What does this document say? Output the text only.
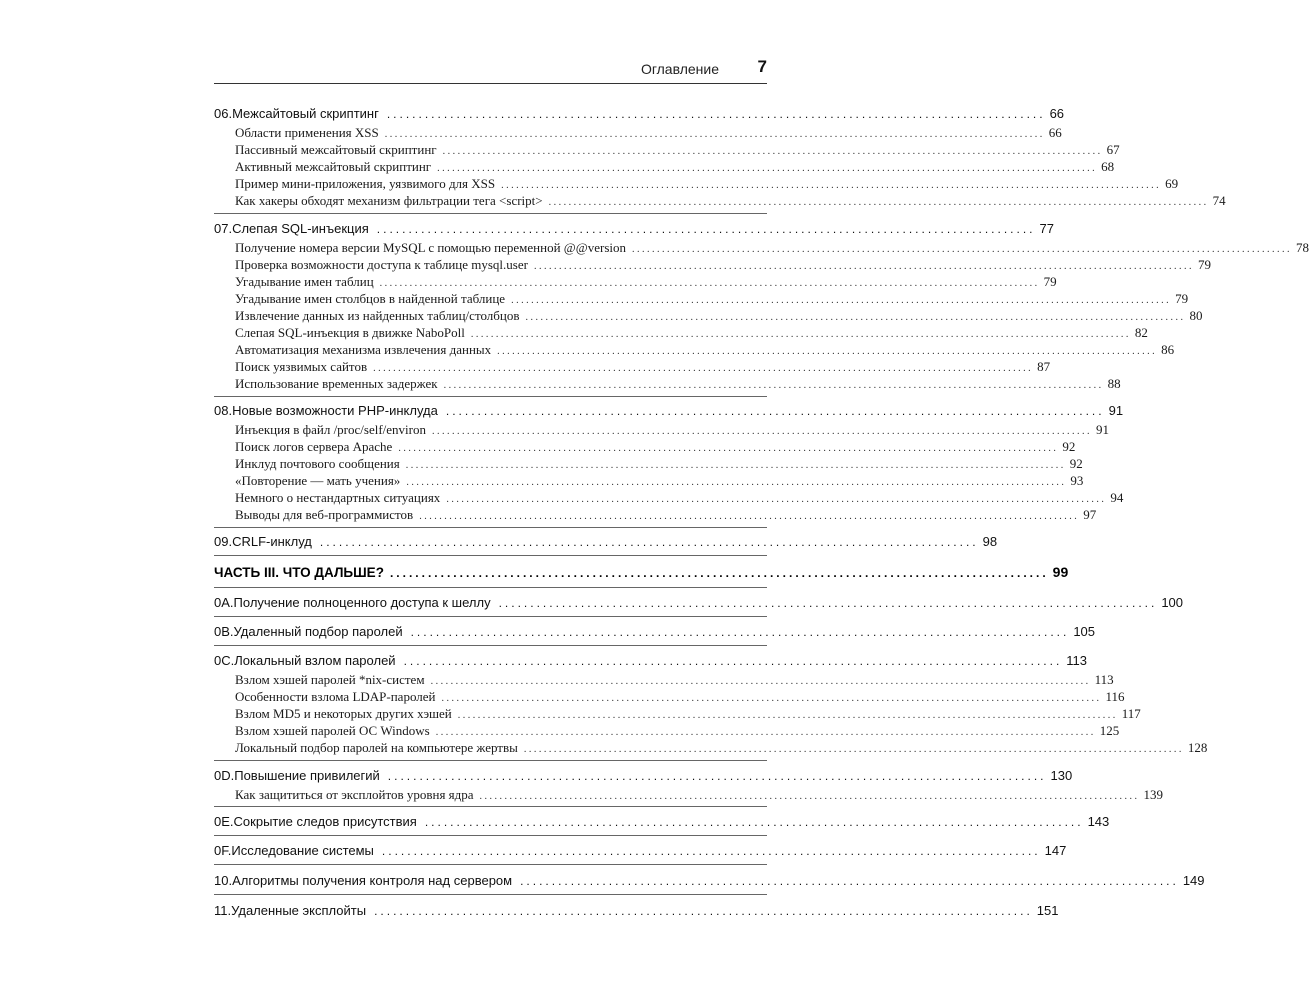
Оглавление 7
06. Межсайтовый скриптинг ........................................................................................................ 66
Области применения XSS .................................................................................................................................... 66
Пассивный межсайтовый скриптинг .................................................................................................................................... 67
Активный межсайтовый скриптинг .................................................................................................................................... 68
Пример мини-приложения, уязвимого для XSS .................................................................................................................................... 69
Как хакеры обходят механизм фильтрации тега <script> .................................................................................................................................... 74
07. Слепая SQL-инъекция ........................................................................................................ 77
Получение номера версии MySQL с помощью переменной @@version .................................................................................................................................... 78
Проверка возможности доступа к таблице mysql.user .................................................................................................................................... 79
Угадывание имен таблиц .................................................................................................................................... 79
Угадывание имен столбцов в найденной таблице .................................................................................................................................... 79
Извлечение данных из найденных таблиц/столбцов .................................................................................................................................... 80
Слепая SQL-инъекция в движке NaboPoll .................................................................................................................................... 82
Автоматизация механизма извлечения данных .................................................................................................................................... 86
Поиск уязвимых сайтов .................................................................................................................................... 87
Использование временных задержек .................................................................................................................................... 88
08. Новые возможности PHP-инклуда ........................................................................................................ 91
Инъекция в файл /proc/self/environ .................................................................................................................................... 91
Поиск логов сервера Apache .................................................................................................................................... 92
Инклуд почтового сообщения .................................................................................................................................... 92
«Повторение — мать учения» .................................................................................................................................... 93
Немного о нестандартных ситуациях .................................................................................................................................... 94
Выводы для веб-программистов .................................................................................................................................... 97
09. CRLF-инклуд ........................................................................................................ 98
ЧАСТЬ III. ЧТО ДАЛЬШЕ? ........................................................................................................ 99
0A. Получение полноценного доступа к шеллу ........................................................................................................ 100
0B. Удаленный подбор паролей ........................................................................................................ 105
0C. Локальный взлом паролей ........................................................................................................ 113
Взлом хэшей паролей *nix-систем .................................................................................................................................... 113
Особенности взлома LDAP-паролей .................................................................................................................................... 116
Взлом MD5 и некоторых других хэшей .................................................................................................................................... 117
Взлом хэшей паролей ОС Windows .................................................................................................................................... 125
Локальный подбор паролей на компьютере жертвы .................................................................................................................................... 128
0D. Повышение привилегий ........................................................................................................ 130
Как защититься от эксплойтов уровня ядра .................................................................................................................................... 139
0E. Сокрытие следов присутствия ........................................................................................................ 143
0F. Исследование системы ........................................................................................................ 147
10. Алгоритмы получения контроля над сервером ........................................................................................................ 149
11. Удаленные эксплойты ........................................................................................................ 151
